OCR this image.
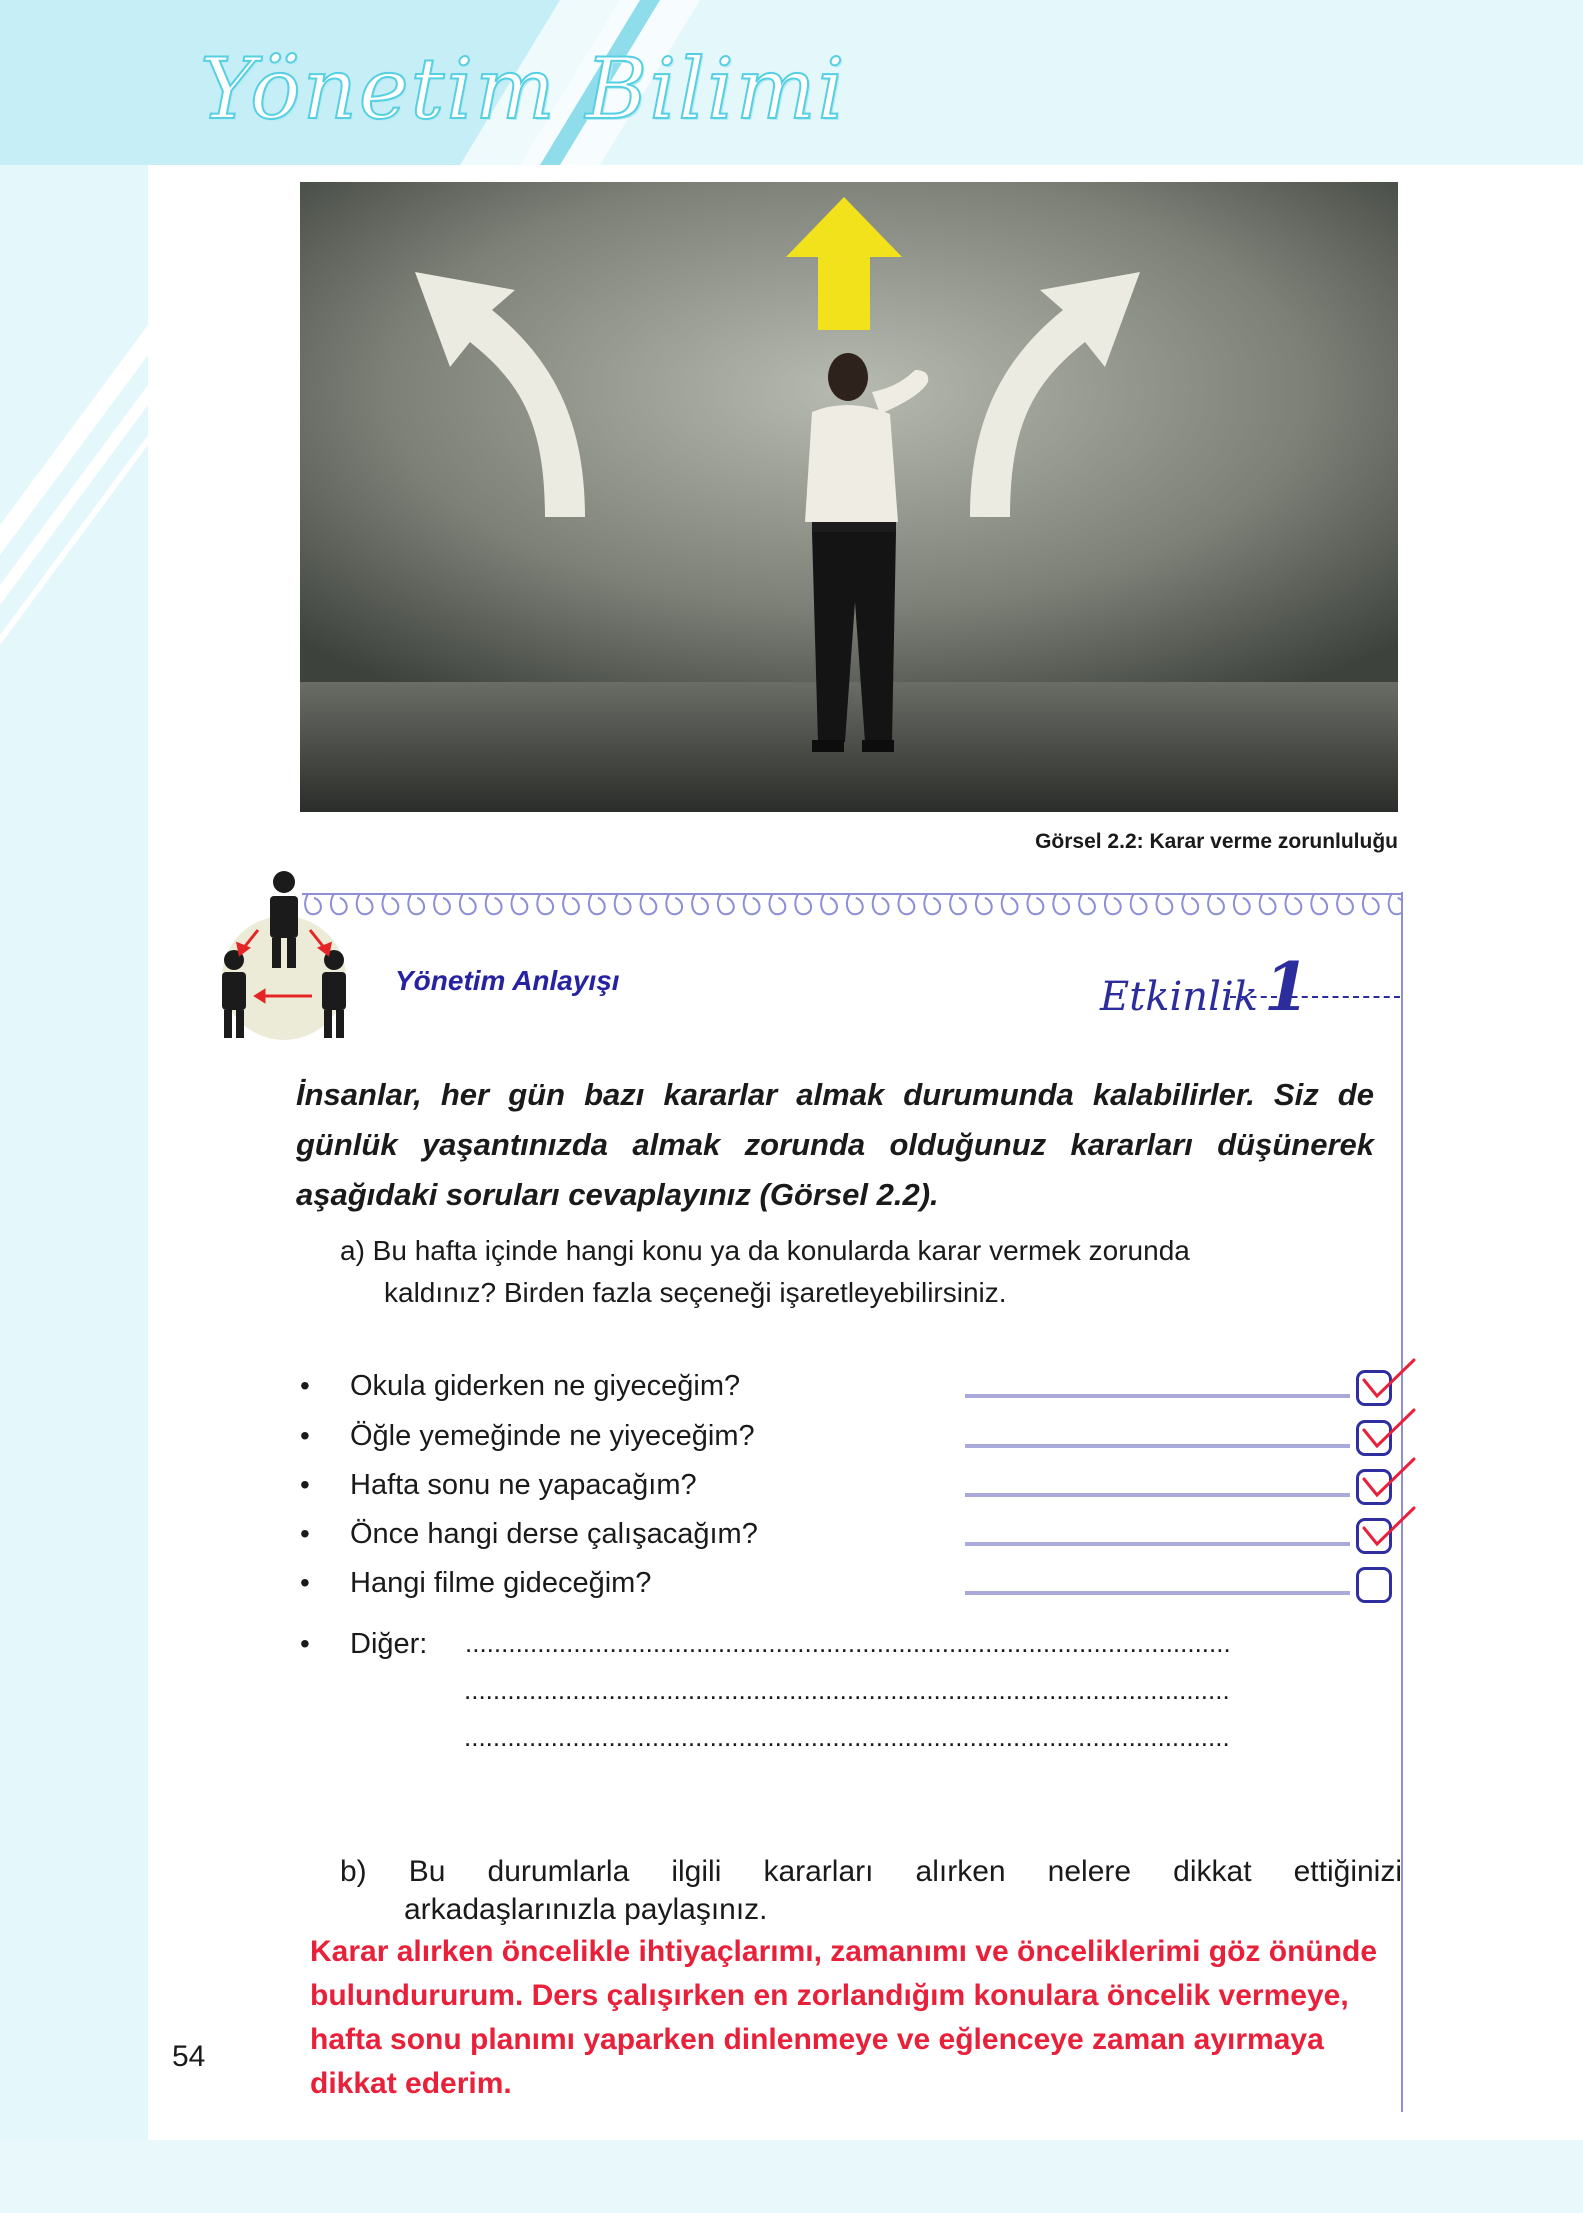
Yönetim Bilimi
Görsel 2.2: Karar verme zorunluluğu
Yönetim Anlayışı	Etkinlik1
İnsanlar, her gün bazı kararlar almak durumunda kalabilirler. Siz de günlük yaşantınızda almak zorunda olduğunuz kararları düşünerek aşağıdaki soruları cevaplayınız (Görsel 2.2).
a) Bu hafta içinde hangi konu ya da konularda karar vermek zorunda
kaldınız? Birden fazla seçeneği işaretleyebilirsiniz.
• Okula giderken ne giyeceğim?
• Öğle yemeğinde ne yiyeceğim?
• Hafta sonu ne yapacağım?
• Önce hangi derse çalışacağım?
• Hangi filme gideceğim?
• Diğer: ..........................................................................................................
..........................................................................................................
..........................................................................................................
b) Bu durumlarla ilgili kararları alırken nelere dikkat ettiğinizi
arkadaşlarınızla paylaşınız.
Karar alırken öncelikle ihtiyaçlarımı, zamanımı ve önceliklerimi göz önünde bulundururum. Ders çalışırken en zorlandığım konulara öncelik vermeye, hafta sonu planımı yaparken dinlenmeye ve eğlenceye zaman ayırmaya dikkat ederim.
54
